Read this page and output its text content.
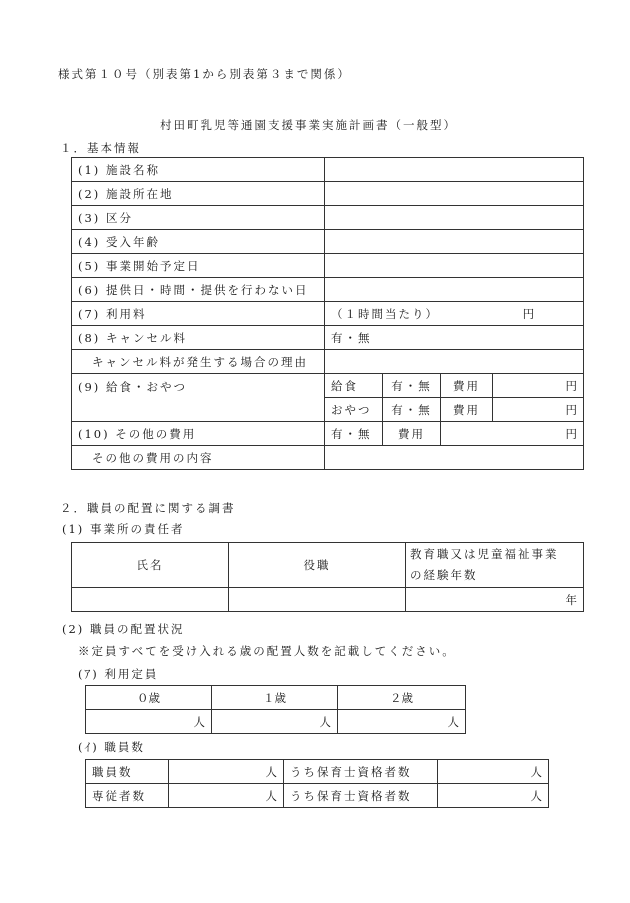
様式第１０号（別表第1から別表第３まで関係）
村田町乳児等通園支援事業実施計画書（一般型）
１．基本情報
(1) 施設名称				
(2) 施設所在地				
(3) 区分				
(4) 受入年齢				
(5) 事業開始予定日				
(6) 提供日・時間・提供を行わない日				
(7) 利用料	（１時間当たり） 円			
(8) キャンセル料	有・無			
キャンセル料が発生する場合の理由				
(9) 給食・おやつ	給食	有・無	費用	円
	おやつ	有・無	費用	円
(10) その他の費用	有・無	費用	円	
その他の費用の内容				
２．職員の配置に関する調書
(1) 事業所の責任者
氏名	役職	教育職又は児童福祉事業
の経験年数

		年
(2) 職員の配置状況
※定員すべてを受け入れる歳の配置人数を記載してください。
(ｱ) 利用定員
０歳	１歳	２歳
人	人	人
(ｲ) 職員数
職員数	人	うち保育士資格者数	人
専従者数	人	うち保育士資格者数	人
